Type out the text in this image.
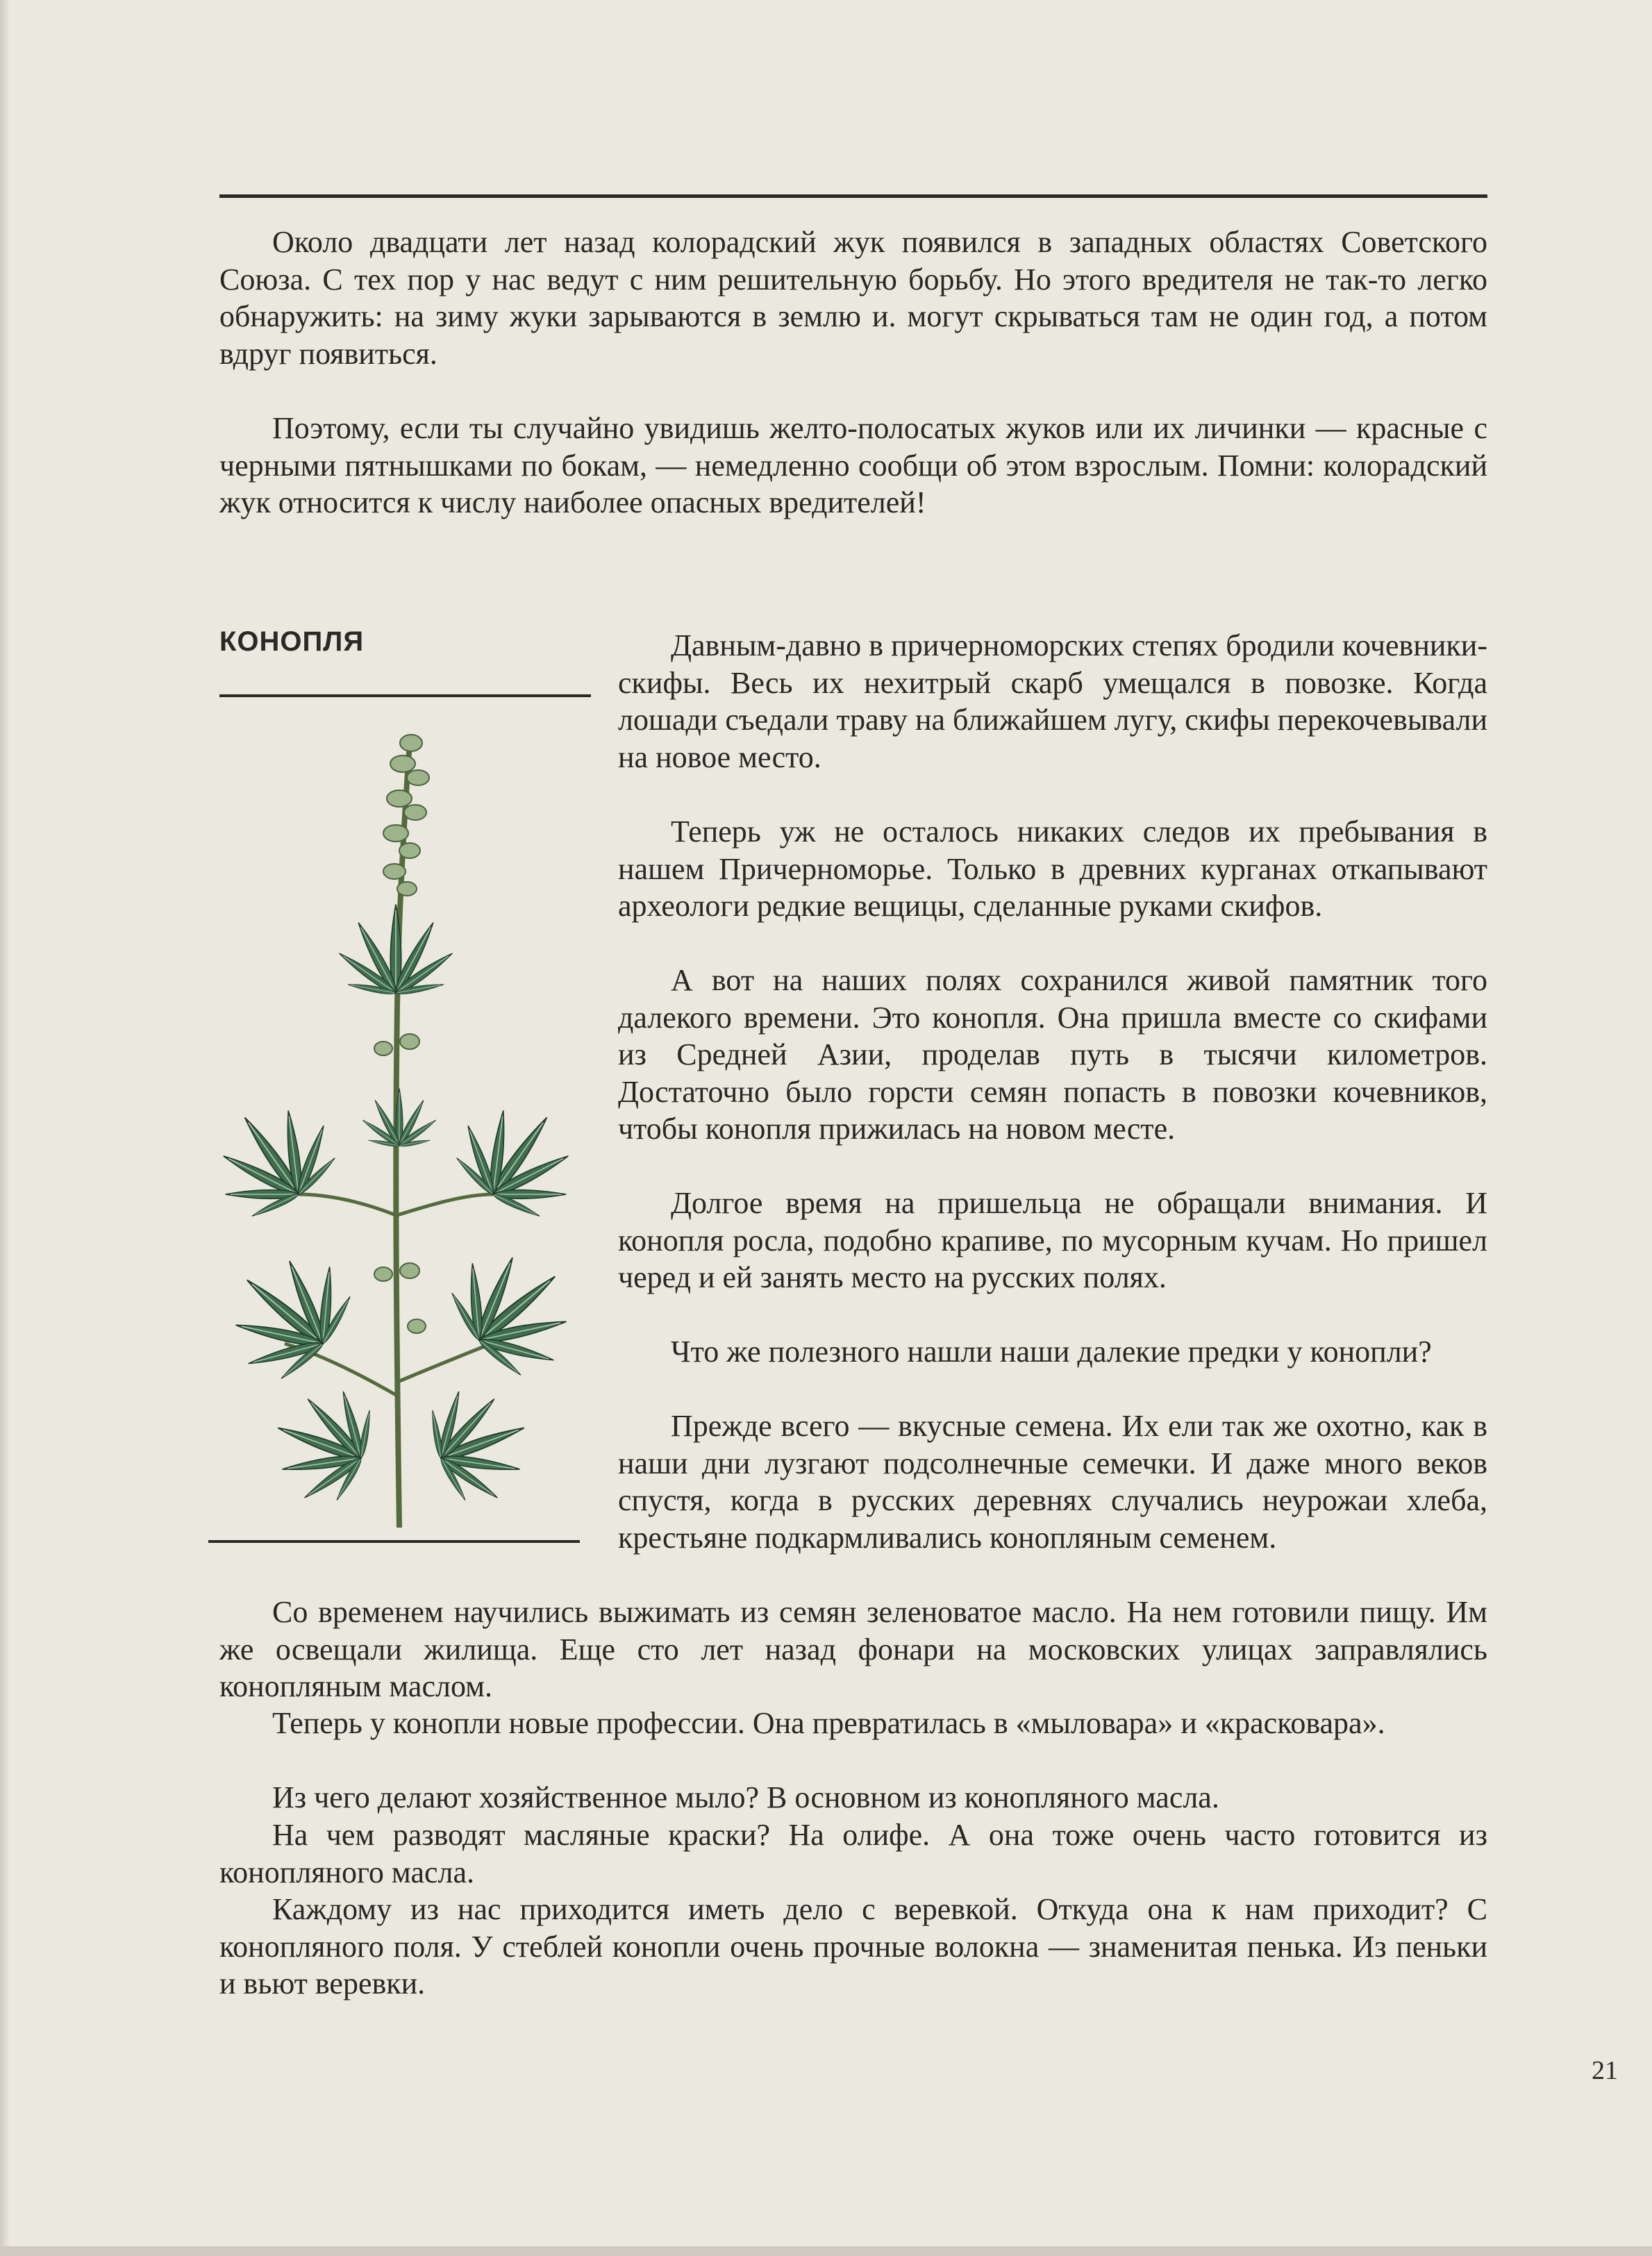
Около двадцати лет назад колорадский жук появился в западных областях Советского Союза. С тех пор у нас ведут с ним решительную борьбу. Но этого вредителя не так-то легко обнаружить: на зиму жуки зарываются в землю и. могут скрываться там не один год, а потом вдруг появиться.

Поэтому, если ты случайно увидишь желто-полосатых жуков или их личинки — красные с черными пятнышками по бокам, — немедленно сообщи об этом взрослым. Помни: колорадский жук относится к числу наиболее опасных вредителей!

КОНОПЛЯ	Давным-давно в причерноморских степях бродили кочевники-скифы. Весь их нехитрый скарб умещался в повозке. Когда лошади съедали траву на ближайшем лугу, скифы перекочевывали на новое место.

Теперь уж не осталось никаких следов их пребывания в нашем Причерноморье. Только в древних курганах откапывают археологи редкие вещицы, сделанные руками скифов.

А вот на наших полях сохранился живой памятник того далекого времени. Это конопля. Она пришла вместе со скифами из Средней Азии, проделав путь в тысячи километров. Достаточно было горсти семян попасть в повозки кочевников, чтобы конопля прижилась на новом месте.

Долгое время на пришельца не обращали внимания. И конопля росла, подобно крапиве, по мусорным кучам. Но пришел черед и ей занять место на русских полях.

Что же полезного нашли наши далекие предки у конопли?

Прежде всего — вкусные семена. Их ели так же охотно, как в наши дни лузгают подсолнечные семечки. И даже много веков спустя, когда в русских деревнях случались неурожаи хлеба, крестьяне подкармливались конопляным семенем.

Со временем научились выжимать из семян зеленоватое масло. На нем готовили пищу. Им же освещали жилища. Еще сто лет назад фонари на московских улицах заправлялись конопляным маслом.

Теперь у конопли новые профессии. Она превратилась в «мыловара» и «красковара».

Из чего делают хозяйственное мыло? В основном из конопляного масла.

На чем разводят масляные краски? На олифе. А она тоже очень часто готовится из конопляного масла.

Каждому из нас приходится иметь дело с веревкой. Откуда она к нам приходит? С конопляного поля. У стеблей конопли очень прочные волокна — знаменитая пенька. Из пеньки и вьют веревки.

21
